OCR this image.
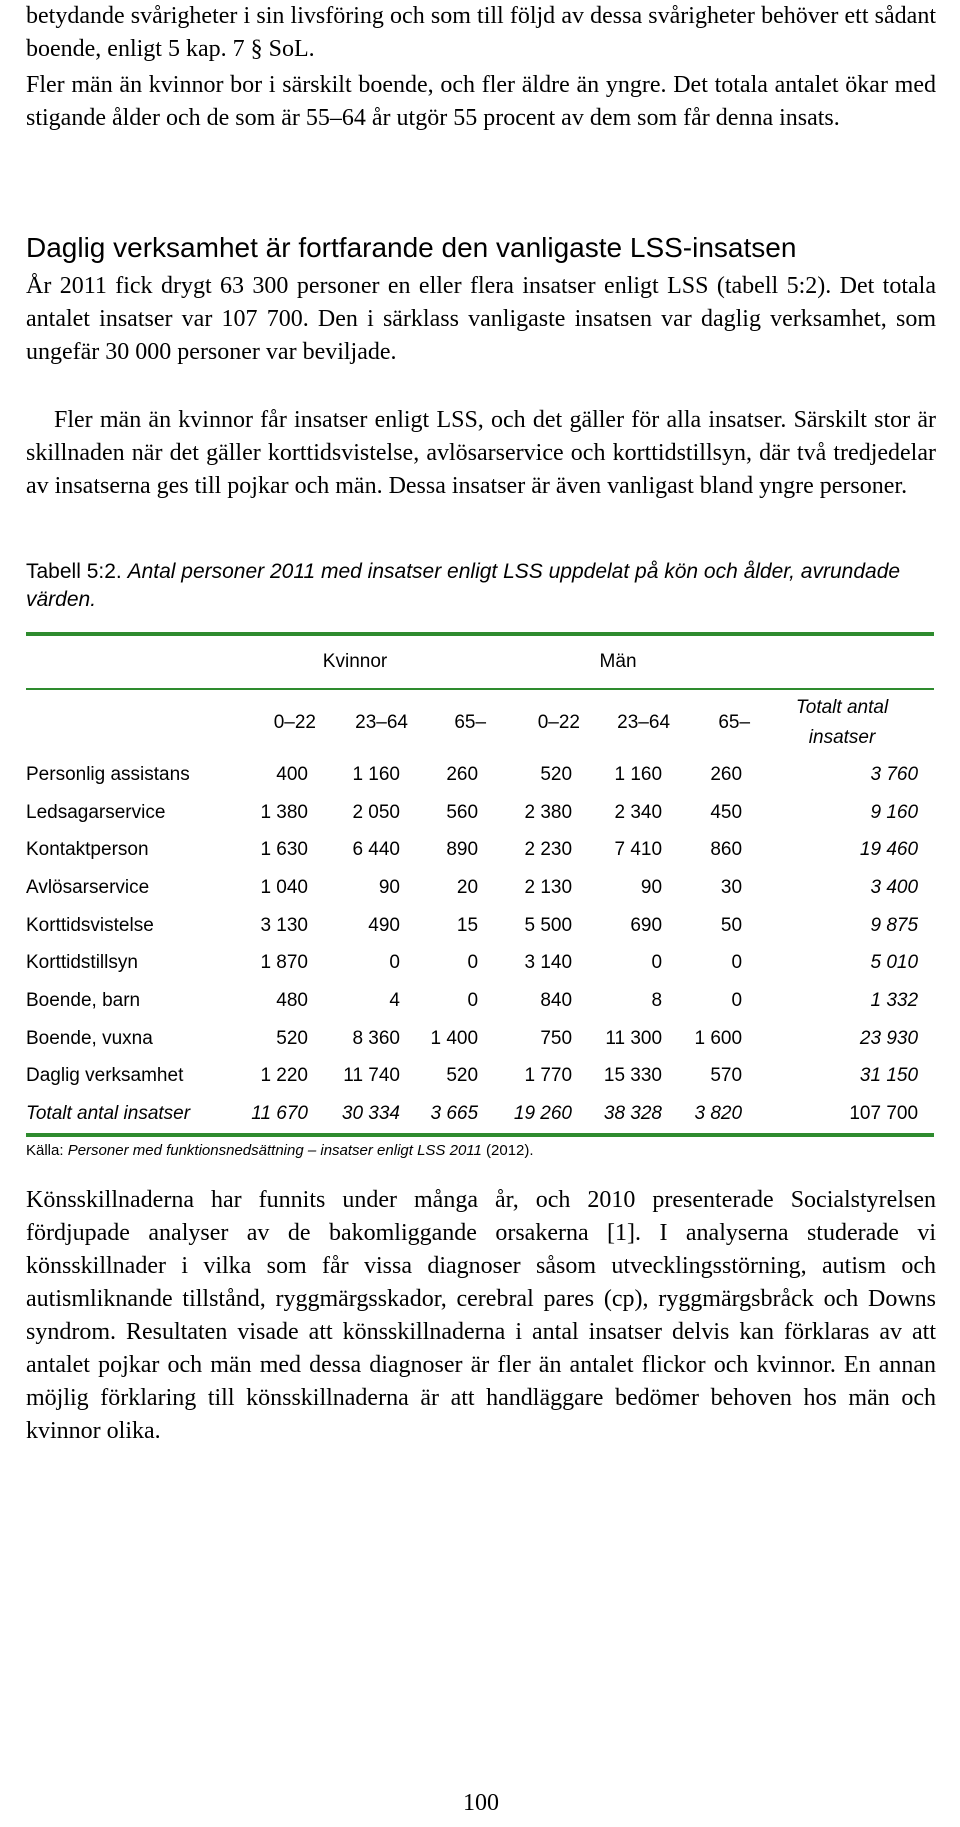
betydande svårigheter i sin livsföring och som till följd av dessa svårigheter behöver ett sådant boende, enligt 5 kap. 7 § SoL.

Fler män än kvinnor bor i särskilt boende, och fler äldre än yngre. Det totala antalet ökar med stigande ålder och de som är 55–64 år utgör 55 procent av dem som får denna insats.

Daglig verksamhet är fortfarande den vanligaste LSS-insatsen

År 2011 fick drygt 63 300 personer en eller flera insatser enligt LSS (tabell 5:2). Det totala antalet insatser var 107 700. Den i särklass vanligaste insatsen var daglig verksamhet, som ungefär 30 000 personer var beviljade.

Fler män än kvinnor får insatser enligt LSS, och det gäller för alla insatser. Särskilt stor är skillnaden när det gäller korttidsvistelse, avlösarservice och korttidstillsyn, där två tredjedelar av insatserna ges till pojkar och män. Dessa insatser är även vanligast bland yngre personer.

Tabell 5:2. Antal personer 2011 med insatser enligt LSS uppdelat på kön och ålder, avrundade värden.

	Kvinnor			Män			

	0–22	23–64	65–	0–22	23–64	65–	Totalt antal
insatser
Personlig assistans	400	1 160	260	520	1 160	260	3 760
Ledsagarservice	1 380	2 050	560	2 380	2 340	450	9 160
Kontaktperson	1 630	6 440	890	2 230	7 410	860	19 460
Avlösarservice	1 040	90	20	2 130	90	30	3 400
Korttidsvistelse	3 130	490	15	5 500	690	50	9 875
Korttidstillsyn	1 870	0	0	3 140	0	0	5 010
Boende, barn	480	4	0	840	8	0	1 332
Boende, vuxna	520	8 360	1 400	750	11 300	1 600	23 930
Daglig verksamhet	1 220	11 740	520	1 770	15 330	570	31 150
Totalt antal insatser	11 670	30 334	3 665	19 260	38 328	3 820	107 700
Källa: Personer med funktionsnedsättning – insatser enligt LSS 2011 (2012).

Könsskillnaderna har funnits under många år, och 2010 presenterade Socialstyrelsen fördjupade analyser av de bakomliggande orsakerna [1]. I analyserna studerade vi könsskillnader i vilka som får vissa diagnoser såsom utvecklingsstörning, autism och autismliknande tillstånd, ryggmärgsskador, cerebral pares (cp), ryggmärgsbråck och Downs syndrom. Resultaten visade att könsskillnaderna i antal insatser delvis kan förklaras av att antalet pojkar och män med dessa diagnoser är fler än antalet flickor och kvinnor. En annan möjlig förklaring till könsskillnaderna är att handläggare bedömer behoven hos män och kvinnor olika.

100
